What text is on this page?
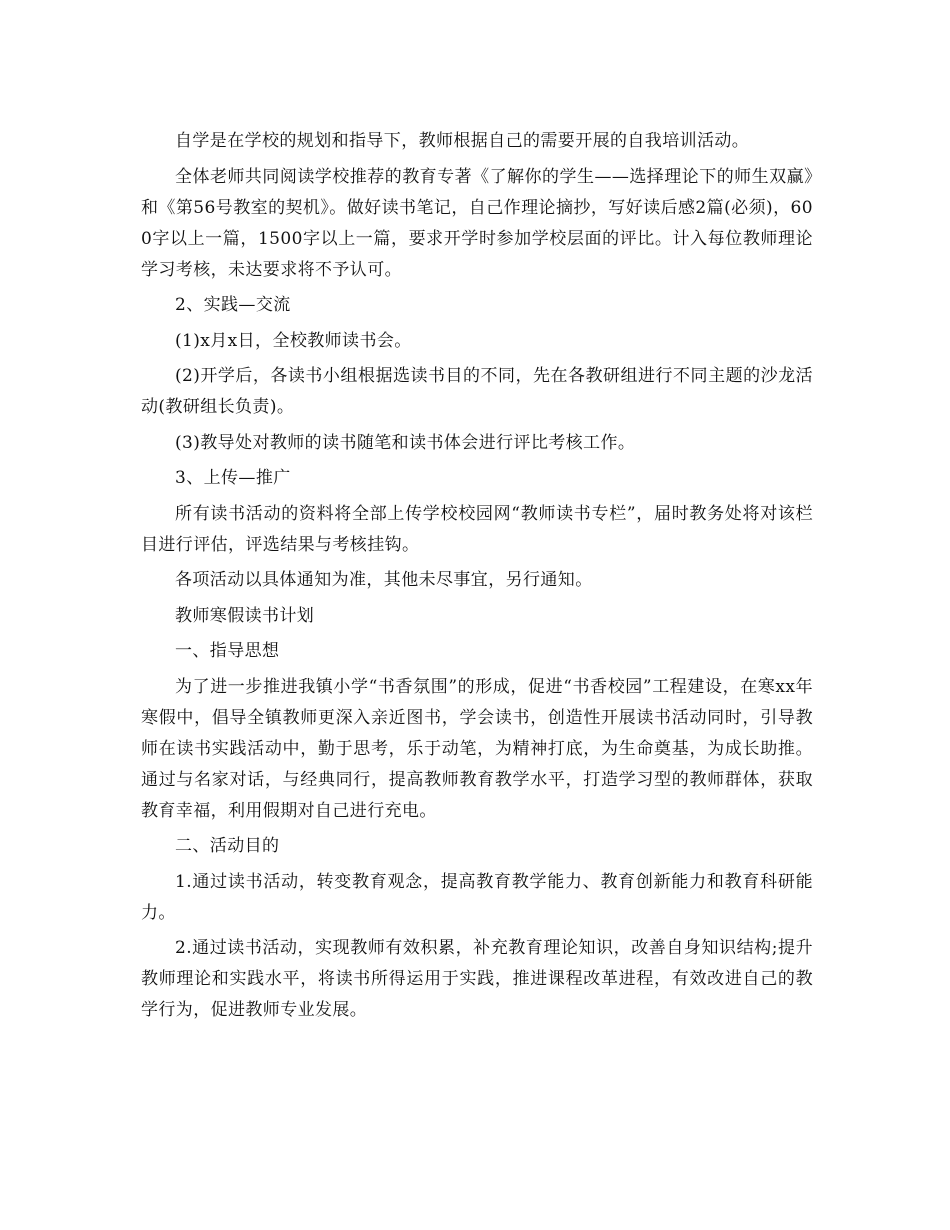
自学是在学校的规划和指导下，教师根据自己的需要开展的自我培训活动。

全体老师共同阅读学校推荐的教育专著《了解你的学生——选择理论下的师生双赢》和《第56号教室的契机》。做好读书笔记，自己作理论摘抄，写好读后感2篇(必须)，600字以上一篇，1500字以上一篇，要求开学时参加学校层面的评比。计入每位教师理论学习考核，未达要求将不予认可。

2、实践—交流

(1)x月x日，全校教师读书会。

(2)开学后，各读书小组根据选读书目的不同，先在各教研组进行不同主题的沙龙活动(教研组长负责)。

(3)教导处对教师的读书随笔和读书体会进行评比考核工作。

3、上传—推广

所有读书活动的资料将全部上传学校校园网“教师读书专栏”，届时教务处将对该栏目进行评估，评选结果与考核挂钩。

各项活动以具体通知为准，其他未尽事宜，另行通知。

教师寒假读书计划

一、指导思想

为了进一步推进我镇小学“书香氛围”的形成，促进“书香校园”工程建设，在寒xx年寒假中，倡导全镇教师更深入亲近图书，学会读书，创造性开展读书活动同时，引导教师在读书实践活动中，勤于思考，乐于动笔，为精神打底，为生命奠基，为成长助推。通过与名家对话，与经典同行，提高教师教育教学水平，打造学习型的教师群体，获取教育幸福，利用假期对自己进行充电。

二、活动目的

1.通过读书活动，转变教育观念，提高教育教学能力、教育创新能力和教育科研能力。

2.通过读书活动，实现教师有效积累，补充教育理论知识，改善自身知识结构;提升教师理论和实践水平，将读书所得运用于实践，推进课程改革进程，有效改进自己的教学行为，促进教师专业发展。
